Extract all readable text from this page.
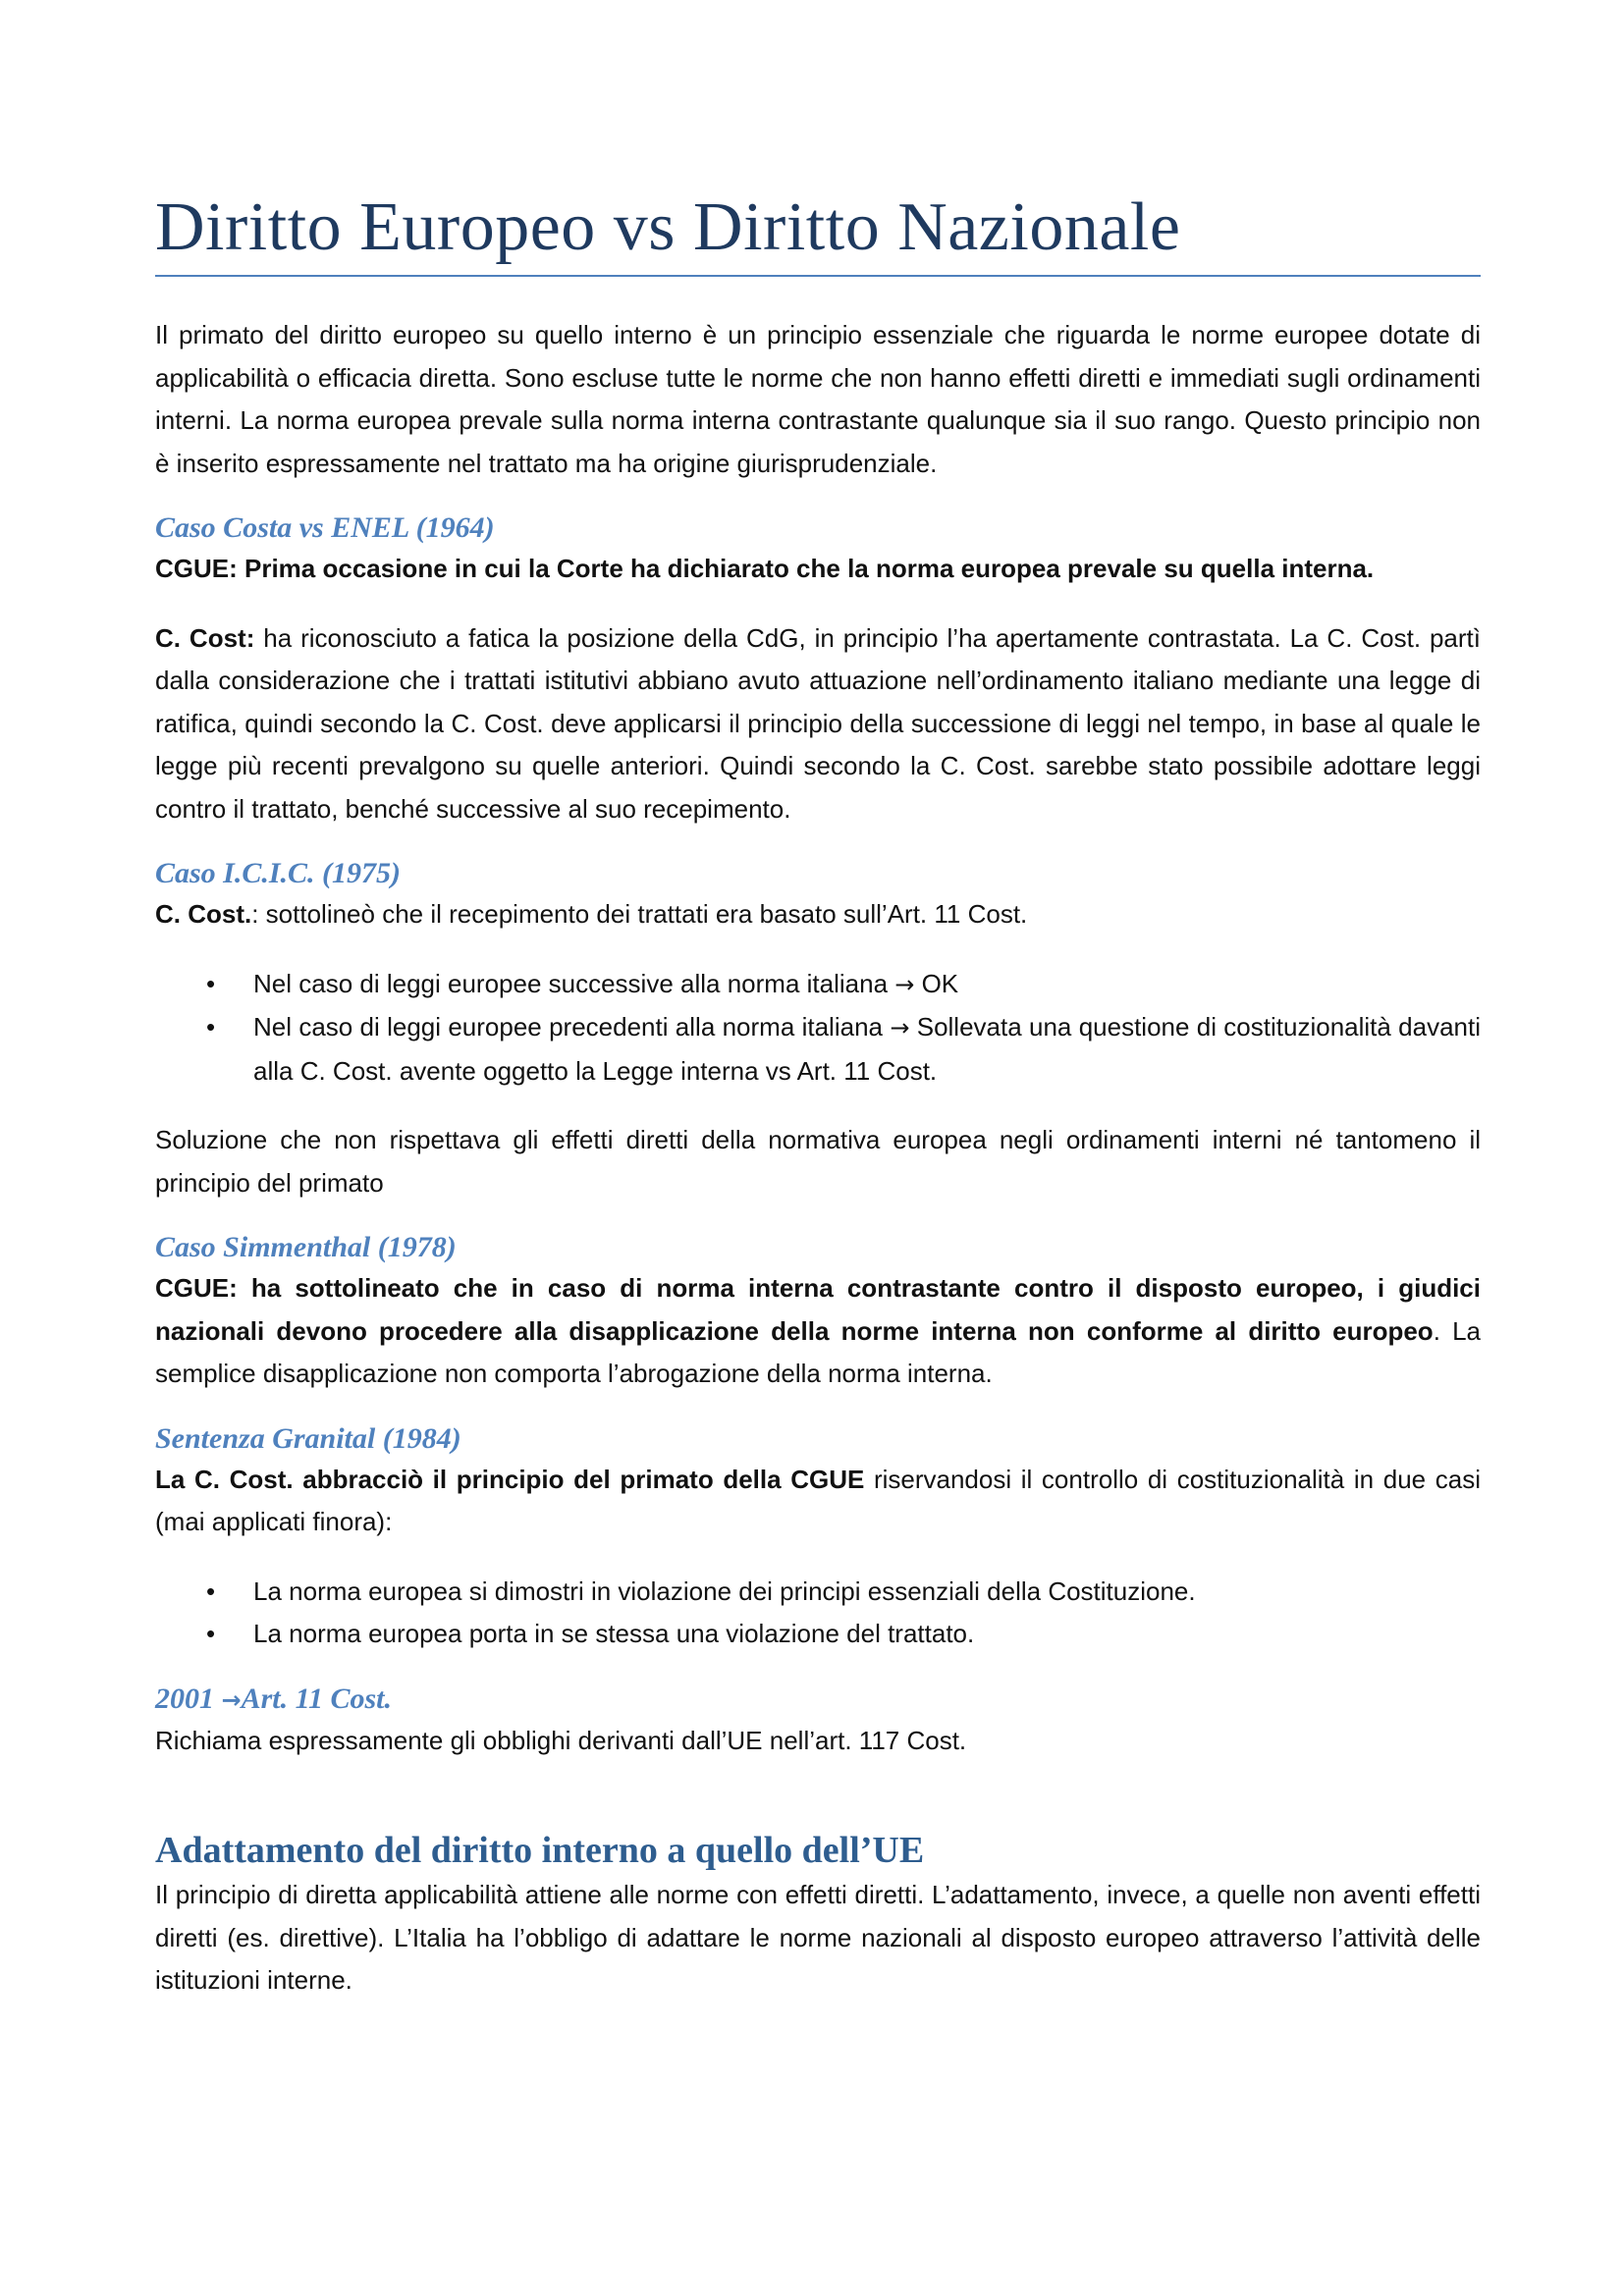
Diritto Europeo vs Diritto Nazionale

Il primato del diritto europeo su quello interno è un principio essenziale che riguarda le norme europee dotate di applicabilità o efficacia diretta. Sono escluse tutte le norme che non hanno effetti diretti e immediati sugli ordinamenti interni. La norma europea prevale sulla norma interna contrastante qualunque sia il suo rango. Questo principio non è inserito espressamente nel trattato ma ha origine giurisprudenziale.

Caso Costa vs ENEL (1964)

CGUE: Prima occasione in cui la Corte ha dichiarato che la norma europea prevale su quella interna.

C. Cost: ha riconosciuto a fatica la posizione della CdG, in principio l’ha apertamente contrastata. La C. Cost. partì dalla considerazione che i trattati istitutivi abbiano avuto attuazione nell’ordinamento italiano mediante una legge di ratifica, quindi secondo la C. Cost. deve applicarsi il principio della successione di leggi nel tempo, in base al quale le legge più recenti prevalgono su quelle anteriori. Quindi secondo la C. Cost. sarebbe stato possibile adottare leggi contro il trattato, benché successive al suo recepimento.

Caso I.C.I.C. (1975)

C. Cost.: sottolineò che il recepimento dei trattati era basato sull’Art. 11 Cost.

• Nel caso di leggi europee successive alla norma italiana → OK
• Nel caso di leggi europee precedenti alla norma italiana → Sollevata una questione di costituzionalità davanti alla C. Cost. avente oggetto la Legge interna vs Art. 11 Cost.

Soluzione che non rispettava gli effetti diretti della normativa europea negli ordinamenti interni né tantomeno il principio del primato

Caso Simmenthal (1978)

CGUE: ha sottolineato che in caso di norma interna contrastante contro il disposto europeo, i giudici nazionali devono procedere alla disapplicazione della norme interna non conforme al diritto europeo. La semplice disapplicazione non comporta l’abrogazione della norma interna.

Sentenza Granital (1984)

La C. Cost. abbracciò il principio del primato della CGUE riservandosi il controllo di costituzionalità in due casi (mai applicati finora):

• La norma europea si dimostri in violazione dei principi essenziali della Costituzione.
• La norma europea porta in se stessa una violazione del trattato.
2001 →Art. 11 Cost.

Richiama espressamente gli obblighi derivanti dall’UE nell’art. 117 Cost.

Adattamento del diritto interno a quello dell’UE

Il principio di diretta applicabilità attiene alle norme con effetti diretti. L’adattamento, invece, a quelle non aventi effetti diretti (es. direttive). L’Italia ha l’obbligo di adattare le norme nazionali al disposto europeo attraverso l’attività delle istituzioni interne.
